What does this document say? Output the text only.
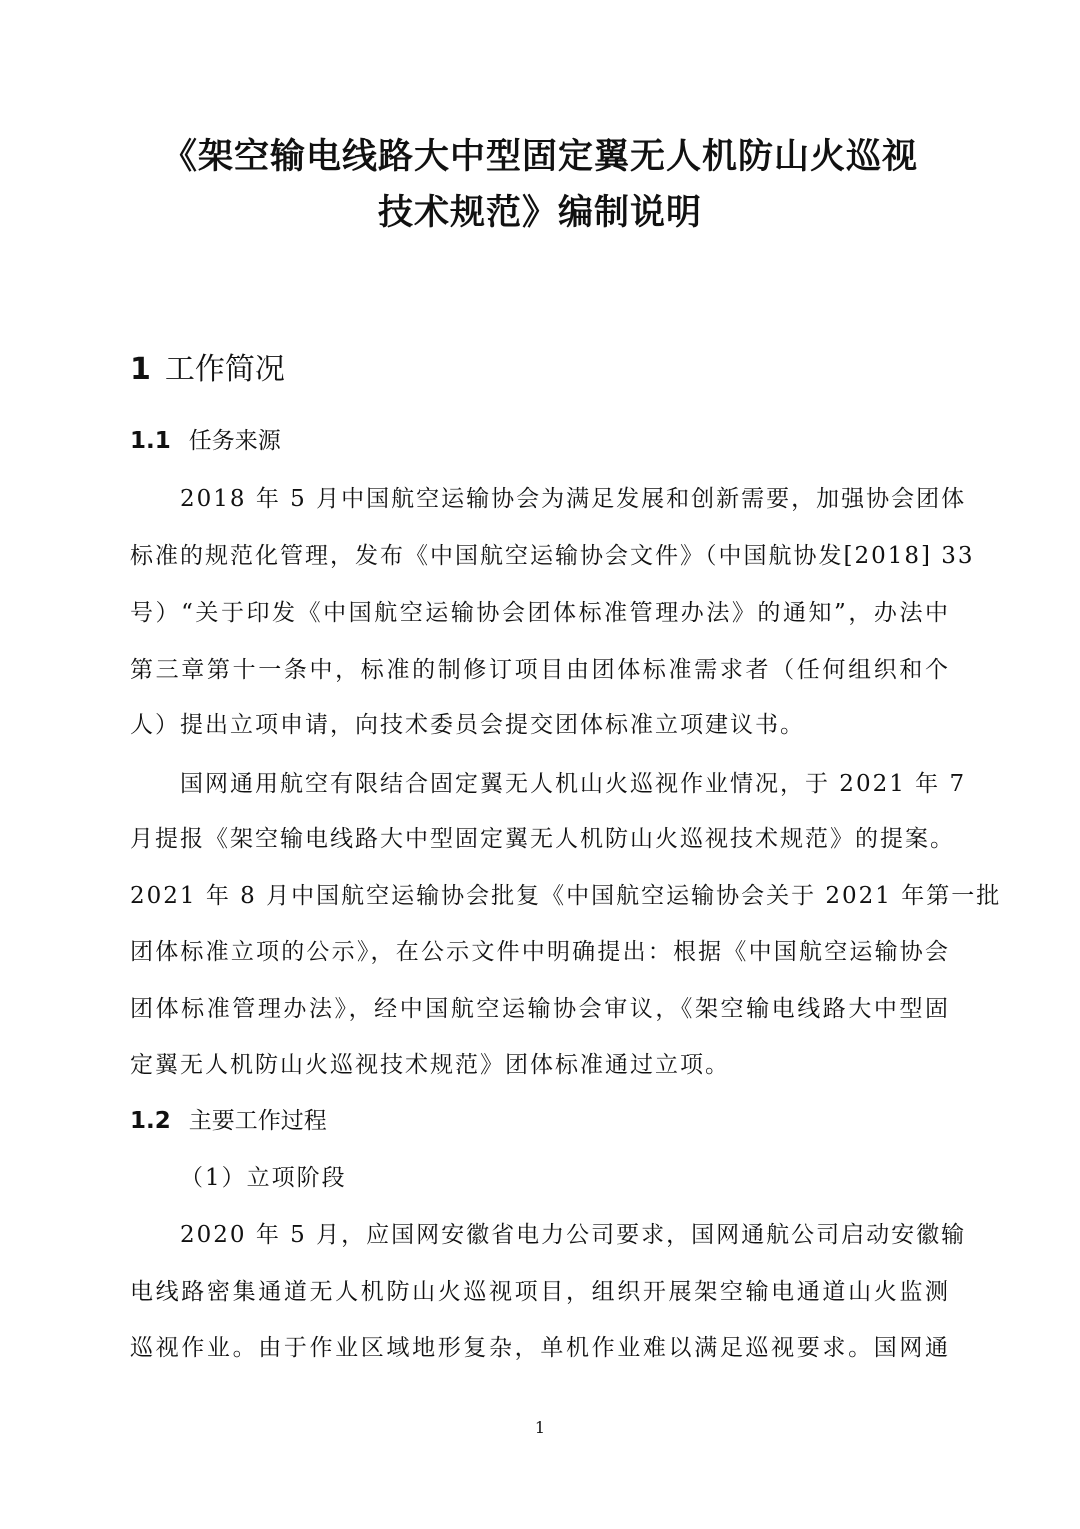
《架空输电线路大中型固定翼无人机防山火巡视
技术规范》编制说明
1 工作简况
1.1 任务来源
2018 年 5 月中国航空运输协会为满足发展和创新需要，加强协会团体
标准的规范化管理，发布《中国航空运输协会文件》（中国航协发[2018] 33
号）“关于印发《中国航空运输协会团体标准管理办法》的通知”，办法中
第三章第十一条中，标准的制修订项目由团体标准需求者（任何组织和个
人）提出立项申请，向技术委员会提交团体标准立项建议书。
国网通用航空有限结合固定翼无人机山火巡视作业情况，于 2021 年 7
月提报《架空输电线路大中型固定翼无人机防山火巡视技术规范》的提案。
2021 年 8 月中国航空运输协会批复《中国航空运输协会关于 2021 年第一批
团体标准立项的公示》，在公示文件中明确提出：根据《中国航空运输协会
团体标准管理办法》，经中国航空运输协会审议，《架空输电线路大中型固
定翼无人机防山火巡视技术规范》团体标准通过立项。
1.2 主要工作过程
（1）立项阶段
2020 年 5 月，应国网安徽省电力公司要求，国网通航公司启动安徽输
电线路密集通道无人机防山火巡视项目，组织开展架空输电通道山火监测
巡视作业。由于作业区域地形复杂，单机作业难以满足巡视要求。国网通
1
